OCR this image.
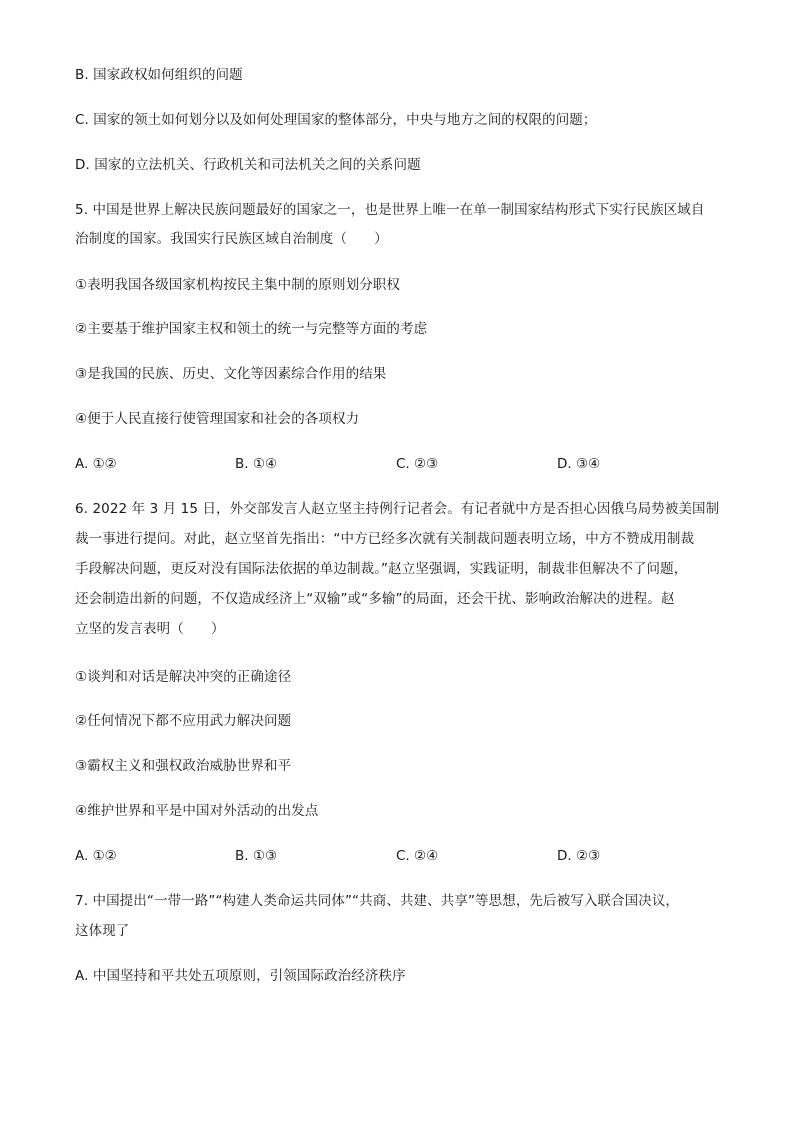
B. 国家政权如何组织的问题
C. 国家的领土如何划分以及如何处理国家的整体部分，中央与地方之间的权限的问题；
D. 国家的立法机关、行政机关和司法机关之间的关系问题
5. 中国是世界上解决民族问题最好的国家之一，也是世界上唯一在单一制国家结构形式下实行民族区域自
治制度的国家。我国实行民族区域自治制度（　　）
①表明我国各级国家机构按民主集中制的原则划分职权
②主要基于维护国家主权和领土的统一与完整等方面的考虑
③是我国的民族、历史、文化等因素综合作用的结果
④便于人民直接行使管理国家和社会的各项权力
A. ①②	B. ①④	C. ②③	D. ③④
6. 2022 年 3 月 15 日，外交部发言人赵立坚主持例行记者会。有记者就中方是否担心因俄乌局势被美国制
裁一事进行提问。对此，赵立坚首先指出：“中方已经多次就有关制裁问题表明立场，中方不赞成用制裁
手段解决问题，更反对没有国际法依据的单边制裁。”赵立坚强调，实践证明，制裁非但解决不了问题，
还会制造出新的问题，不仅造成经济上“双输”或“多输”的局面，还会干扰、影响政治解决的进程。赵
立坚的发言表明（　　）
①谈判和对话是解决冲突的正确途径
②任何情况下都不应用武力解决问题
③霸权主义和强权政治威胁世界和平
④维护世界和平是中国对外活动的出发点
A. ①②	B. ①③	C. ②④	D. ②③
7. 中国提出“一带一路”“构建人类命运共同体”“共商、共建、共享”等思想，先后被写入联合国决议，
这体现了
A. 中国坚持和平共处五项原则，引领国际政治经济秩序
